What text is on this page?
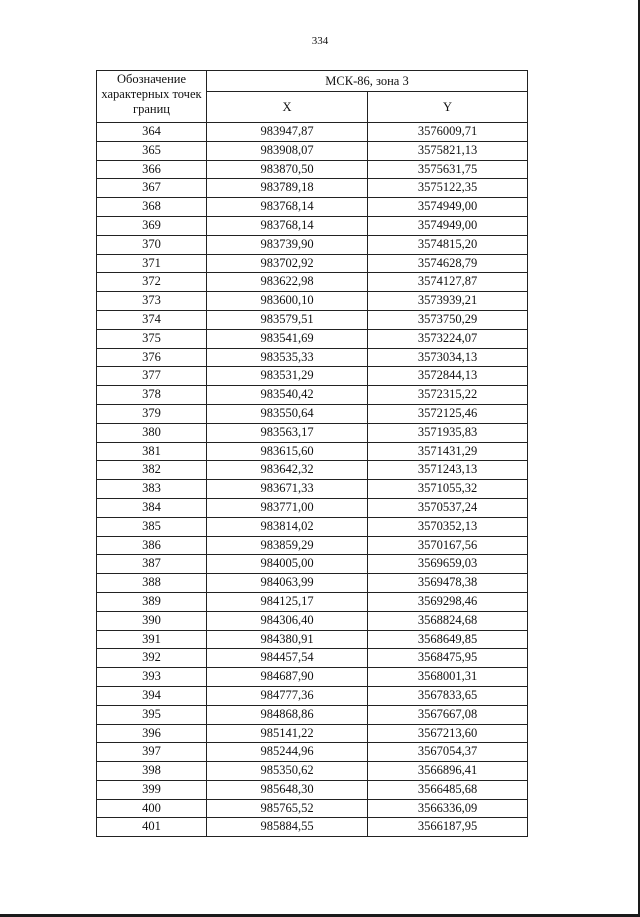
334
Обозначение характерных точек границ	МСК-86, зона 3	
	X	Y
364	983947,87	3576009,71
365	983908,07	3575821,13
366	983870,50	3575631,75
367	983789,18	3575122,35
368	983768,14	3574949,00
369	983768,14	3574949,00
370	983739,90	3574815,20
371	983702,92	3574628,79
372	983622,98	3574127,87
373	983600,10	3573939,21
374	983579,51	3573750,29
375	983541,69	3573224,07
376	983535,33	3573034,13
377	983531,29	3572844,13
378	983540,42	3572315,22
379	983550,64	3572125,46
380	983563,17	3571935,83
381	983615,60	3571431,29
382	983642,32	3571243,13
383	983671,33	3571055,32
384	983771,00	3570537,24
385	983814,02	3570352,13
386	983859,29	3570167,56
387	984005,00	3569659,03
388	984063,99	3569478,38
389	984125,17	3569298,46
390	984306,40	3568824,68
391	984380,91	3568649,85
392	984457,54	3568475,95
393	984687,90	3568001,31
394	984777,36	3567833,65
395	984868,86	3567667,08
396	985141,22	3567213,60
397	985244,96	3567054,37
398	985350,62	3566896,41
399	985648,30	3566485,68
400	985765,52	3566336,09
401	985884,55	3566187,95
